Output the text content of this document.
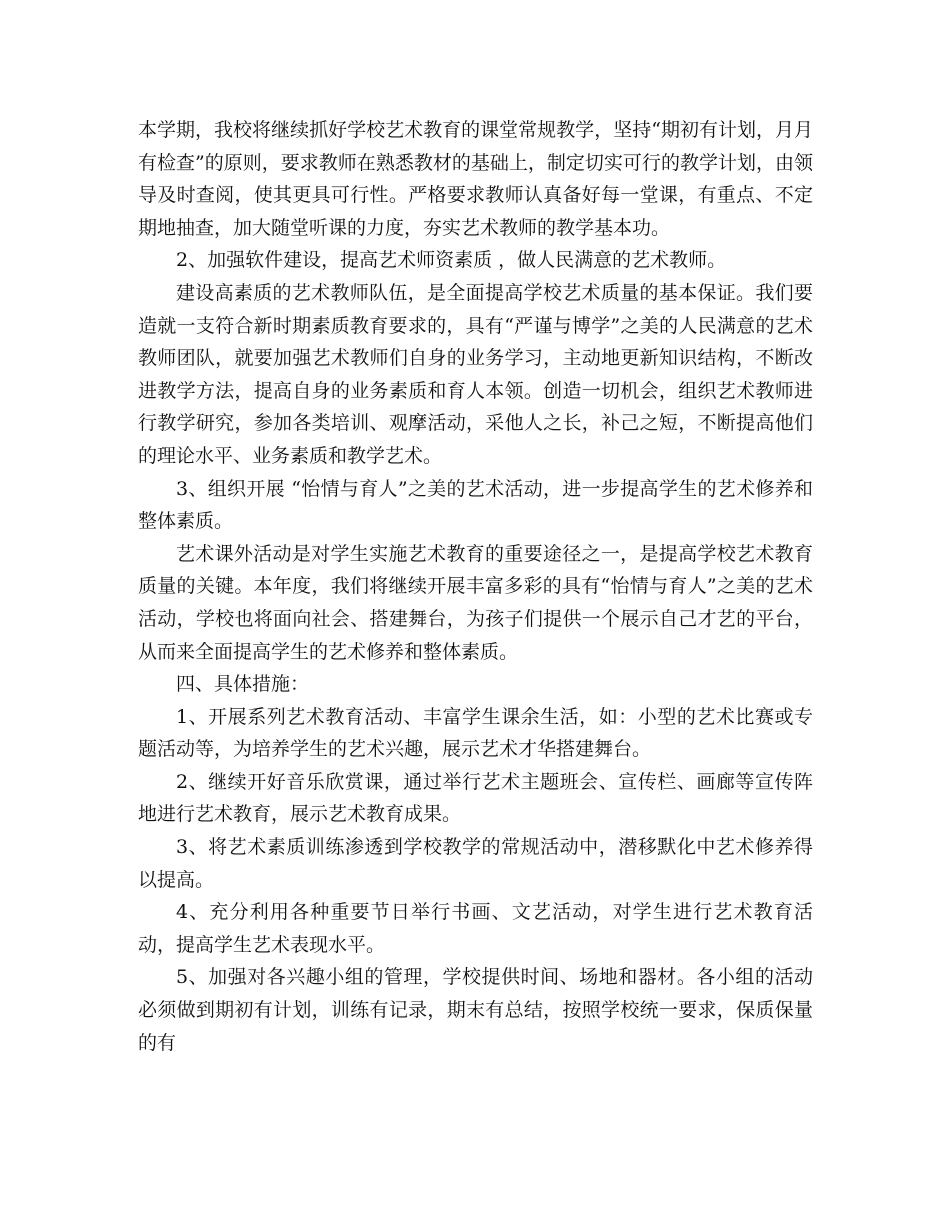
本学期，我校将继续抓好学校艺术教育的课堂常规教学，坚持“期初有计划，月月有检查”的原则，要求教师在熟悉教材的基础上，制定切实可行的教学计划，由领导及时查阅，使其更具可行性。严格要求教师认真备好每一堂课，有重点、不定期地抽查，加大随堂听课的力度，夯实艺术教师的教学基本功。

2、加强软件建设，提高艺术师资素质 ，做人民满意的艺术教师。

建设高素质的艺术教师队伍，是全面提高学校艺术质量的基本保证。我们要造就一支符合新时期素质教育要求的，具有“严谨与博学”之美的人民满意的艺术教师团队，就要加强艺术教师们自身的业务学习，主动地更新知识结构，不断改进教学方法，提高自身的业务素质和育人本领。创造一切机会，组织艺术教师进行教学研究，参加各类培训、观摩活动，采他人之长，补己之短，不断提高他们的理论水平、业务素质和教学艺术。

3、组织开展 “怡情与育人”之美的艺术活动，进一步提高学生的艺术修养和整体素质。

艺术课外活动是对学生实施艺术教育的重要途径之一，是提高学校艺术教育质量的关键。本年度，我们将继续开展丰富多彩的具有“怡情与育人”之美的艺术活动，学校也将面向社会、搭建舞台，为孩子们提供一个展示自己才艺的平台，从而来全面提高学生的艺术修养和整体素质。

四、具体措施：

1、开展系列艺术教育活动、丰富学生课余生活，如：小型的艺术比赛或专题活动等，为培养学生的艺术兴趣，展示艺术才华搭建舞台。

2、继续开好音乐欣赏课，通过举行艺术主题班会、宣传栏、画廊等宣传阵地进行艺术教育，展示艺术教育成果。

3、将艺术素质训练渗透到学校教学的常规活动中，潜移默化中艺术修养得以提高。

4、充分利用各种重要节日举行书画、文艺活动，对学生进行艺术教育活动，提高学生艺术表现水平。

5、加强对各兴趣小组的管理，学校提供时间、场地和器材。各小组的活动必须做到期初有计划，训练有记录，期末有总结，按照学校统一要求，保质保量的有
